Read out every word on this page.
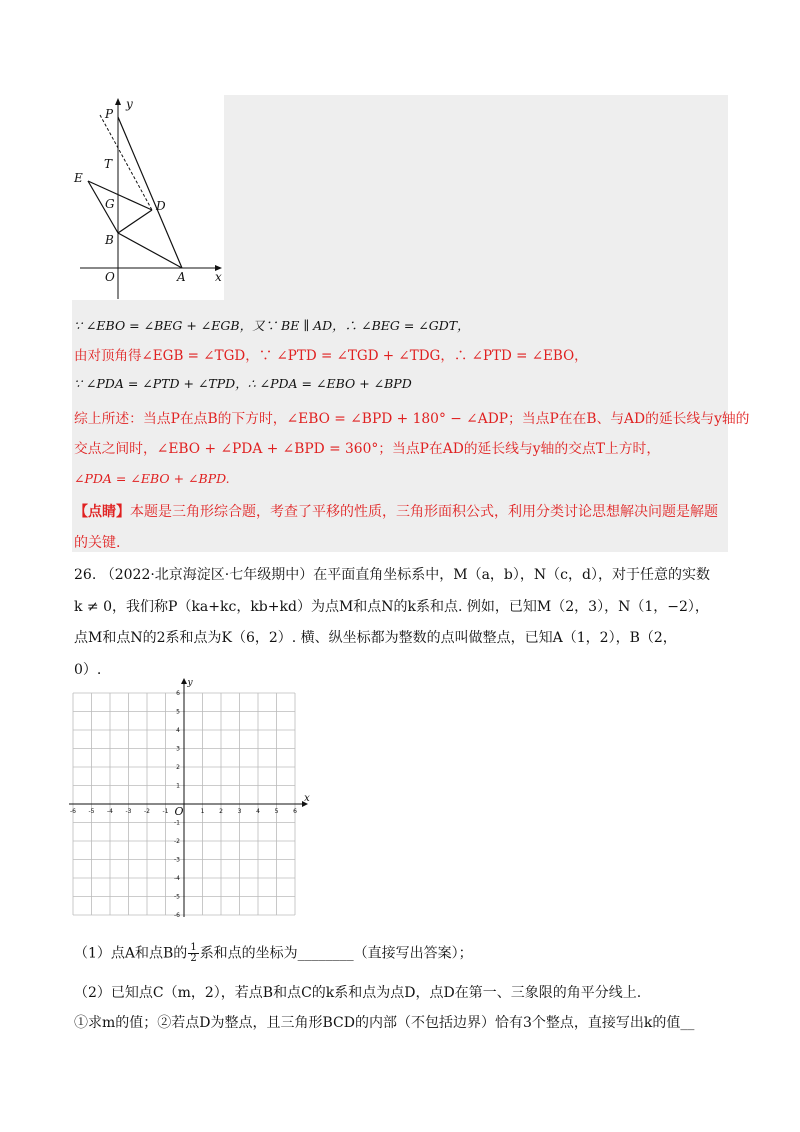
P
y
T
E
G	D
B
O	A x
∵ ∠EBO = ∠BEG + ∠EGB，又∵ BE ∥ AD，∴ ∠BEG = ∠GDT，
由对顶角得∠EGB = ∠TGD，∵ ∠PTD = ∠TGD + ∠TDG，∴ ∠PTD = ∠EBO，
∵ ∠PDA = ∠PTD + ∠TPD，∴ ∠PDA = ∠EBO + ∠BPD
综上所述：当点P在点B的下方时，∠EBO = ∠BPD + 180° − ∠ADP；当点P在在B、与AD的延长线与y轴的
交点之间时，∠EBO + ∠PDA + ∠BPD = 360°；当点P在AD的延长线与y轴的交点T上方时，
∠PDA = ∠EBO + ∠BPD.
【点睛】本题是三角形综合题，考查了平移的性质，三角形面积公式，利用分类讨论思想解决问题是解题
的关键.
26. （2022·北京海淀区·七年级期中）在平面直角坐标系中，M（a，b），N（c，d），对于任意的实数
k ≠ 0，我们称P（ka+kc，kb+kd）为点M和点N的k系和点. 例如，已知M（2，3），N（1，−2），
点M和点N的2系和点为K（6，2）. 横、纵坐标都为整数的点叫做整点，已知A（1，2），B（2，
0）.
-6 -5 -4 -3 -2 -1	1 2 3 4 5 6
6
5
4
3
2
1
-1
-2
-3
-4
-5
-6
O
x
y
（1）点A和点B的 $\frac{1}{2}$ 系和点的坐标为________（直接写出答案）；
（2）已知点C（m，2），若点B和点C的k系和点为点D，点D在第一、三象限的角平分线上.
①求m的值；②若点D为整点，且三角形BCD的内部（不包括边界）恰有3个整点，直接写出k的值__
